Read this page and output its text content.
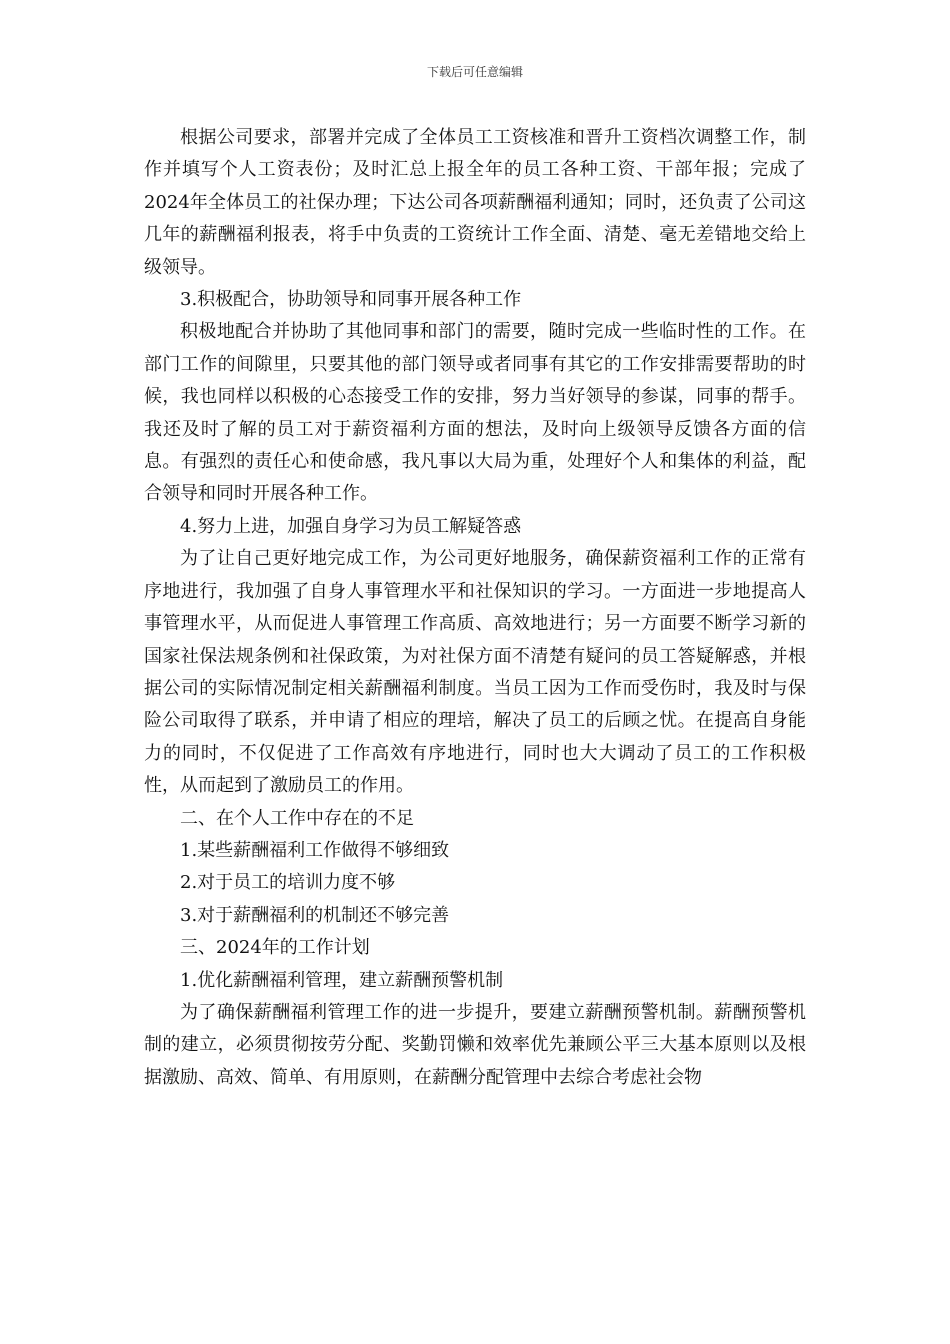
下载后可任意编辑

根据公司要求，部署并完成了全体员工工资核准和晋升工资档次调整工作，制作并填写个人工资表份；及时汇总上报全年的员工各种工资、干部年报；完成了2024年全体员工的社保办理；下达公司各项薪酬福利通知；同时，还负责了公司这几年的薪酬福利报表，将手中负责的工资统计工作全面、清楚、毫无差错地交给上级领导。

3.积极配合，协助领导和同事开展各种工作

积极地配合并协助了其他同事和部门的需要，随时完成一些临时性的工作。在部门工作的间隙里，只要其他的部门领导或者同事有其它的工作安排需要帮助的时候，我也同样以积极的心态接受工作的安排，努力当好领导的参谋，同事的帮手。我还及时了解的员工对于薪资福利方面的想法，及时向上级领导反馈各方面的信息。有强烈的责任心和使命感，我凡事以大局为重，处理好个人和集体的利益，配合领导和同时开展各种工作。

4.努力上进，加强自身学习为员工解疑答惑

为了让自己更好地完成工作，为公司更好地服务，确保薪资福利工作的正常有序地进行，我加强了自身人事管理水平和社保知识的学习。一方面进一步地提高人事管理水平，从而促进人事管理工作高质、高效地进行；另一方面要不断学习新的国家社保法规条例和社保政策，为对社保方面不清楚有疑问的员工答疑解惑，并根据公司的实际情况制定相关薪酬福利制度。当员工因为工作而受伤时，我及时与保险公司取得了联系，并申请了相应的理培，解决了员工的后顾之忧。在提高自身能力的同时，不仅促进了工作高效有序地进行，同时也大大调动了员工的工作积极性，从而起到了激励员工的作用。

二、在个人工作中存在的不足

1.某些薪酬福利工作做得不够细致

2.对于员工的培训力度不够

3.对于薪酬福利的机制还不够完善

三、2024年的工作计划

1.优化薪酬福利管理，建立薪酬预警机制

为了确保薪酬福利管理工作的进一步提升，要建立薪酬预警机制。薪酬预警机制的建立，必须贯彻按劳分配、奖勤罚懒和效率优先兼顾公平三大基本原则以及根据激励、高效、简单、有用原则，在薪酬分配管理中去综合考虑社会物
